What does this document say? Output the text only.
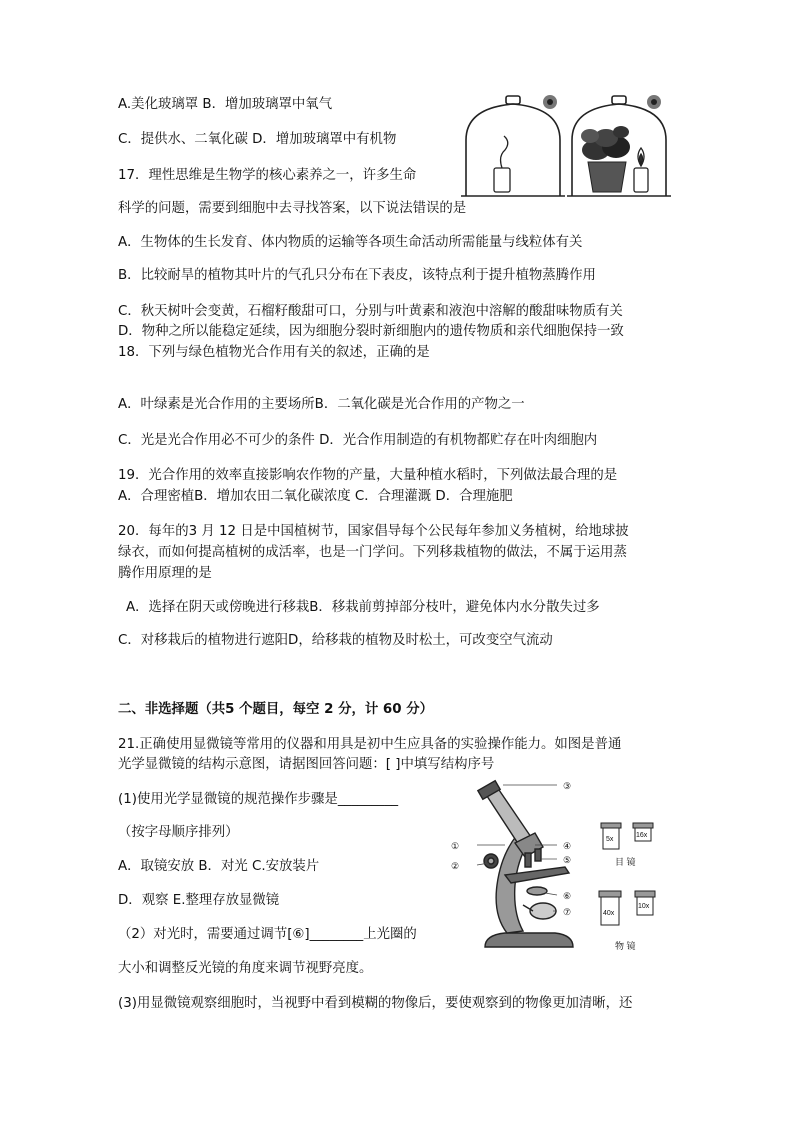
A.美化玻璃罩 B．增加玻璃罩中氧气
C．提供水、二氧化碳 D．增加玻璃罩中有机物
17．理性思维是生物学的核心素养之一，许多生命
科学的问题，需要到细胞中去寻找答案，以下说法错误的是
A．生物体的生长发育、体内物质的运输等各项生命活动所需能量与线粒体有关
B．比较耐旱的植物其叶片的气孔只分布在下表皮，该特点利于提升植物蒸腾作用
C．秋天树叶会变黄，石榴籽酸甜可口，分别与叶黄素和液泡中溶解的酸甜味物质有关
D．物种之所以能稳定延续，因为细胞分裂时新细胞内的遗传物质和亲代细胞保持一致
18．下列与绿色植物光合作用有关的叙述，正确的是
A．叶绿素是光合作用的主要场所B．二氧化碳是光合作用的产物之一
C．光是光合作用必不可少的条件 D．光合作用制造的有机物都贮存在叶肉细胞内
19．光合作用的效率直接影响农作物的产量，大量种植水稻时，下列做法最合理的是
A．合理密植B．增加农田二氧化碳浓度 C．合理灌溉 D．合理施肥
20．每年的3 月 12 日是中国植树节，国家倡导每个公民每年参加义务植树，给地球披
绿衣，而如何提高植树的成活率，也是一门学问。下列移栽植物的做法，不属于运用蒸
腾作用原理的是
A．选择在阴天或傍晚进行移栽B．移栽前剪掉部分枝叶，避免体内水分散失过多
C．对移栽后的植物进行遮阳D，给移栽的植物及时松土，可改变空气流动
二、非选择题（共5 个题目，每空 2 分，计 60 分）
21.正确使用显微镜等常用的仪器和用具是初中生应具备的实验操作能力。如图是普通
光学显微镜的结构示意图，请据图回答问题：[ ]中填写结构序号
(1)使用光学显微镜的规范操作步骤是_________
（按字母顺序排列）
A．取镜安放 B．对光 C.安放装片
D．观察 E.整理存放显微镜
（2）对光时，需要通过调节[⑥]________上光圈的
大小和调整反光镜的角度来调节视野亮度。
(3)用显微镜观察细胞时，当视野中看到模糊的物像后，要使观察到的物像更加清晰，还
③
①
②
④
⑤
⑥
⑦
5x
16x
目 镜
40x
10x
物 镜
